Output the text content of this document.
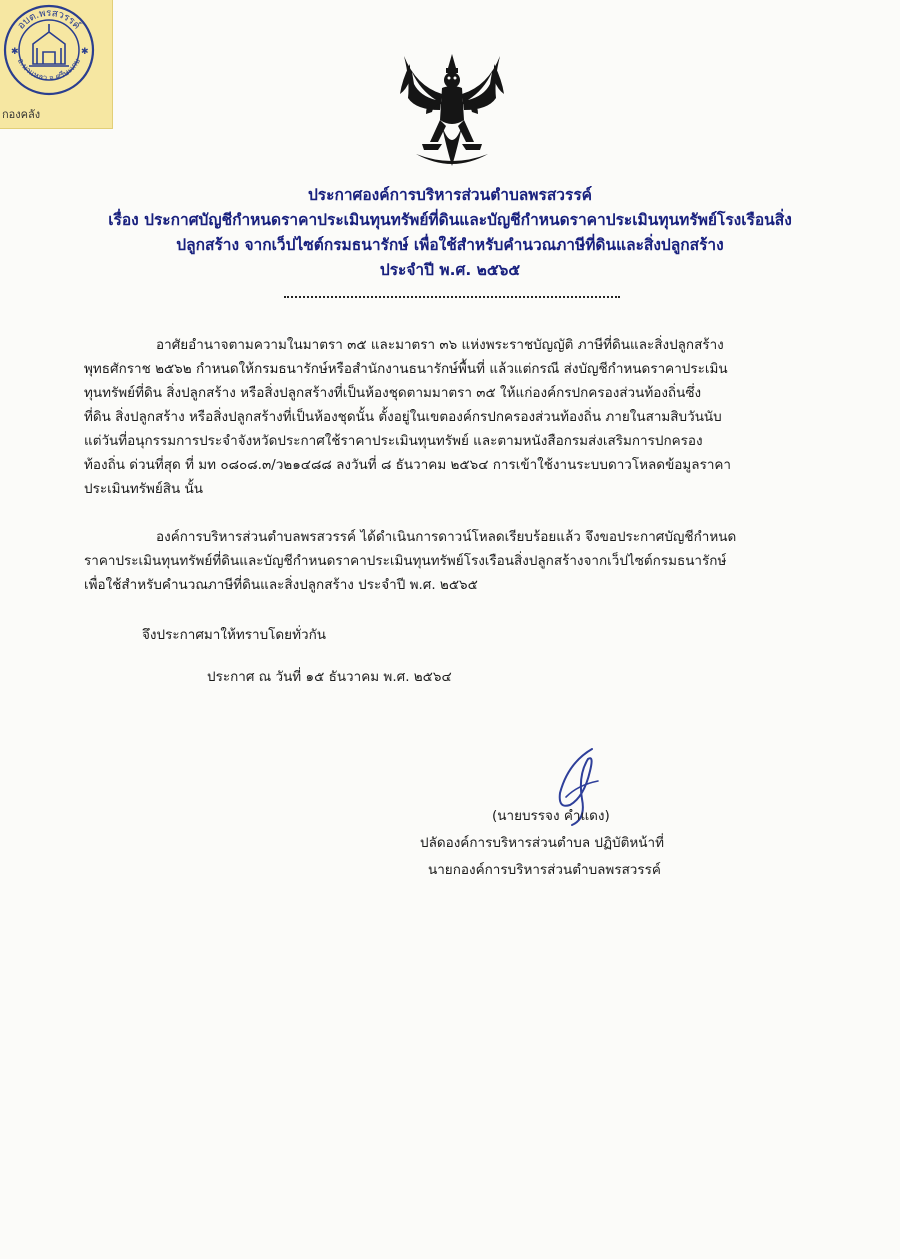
อบต.พรสวรรค์
อ.นาแหลว จ.ศรีษะเกษ
✱	✱
กองคลัง
ประกาศองค์การบริหารส่วนตำบลพรสวรรค์
เรื่อง ประกาศบัญชีกำหนดราคาประเมินทุนทรัพย์ที่ดินและบัญชีกำหนดราคาประเมินทุนทรัพย์โรงเรือนสิ่ง
ปลูกสร้าง จากเว็ปไซต์กรมธนารักษ์ เพื่อใช้สำหรับคำนวณภาษีที่ดินและสิ่งปลูกสร้าง
ประจำปี พ.ศ. ๒๕๖๕
อาศัยอำนาจตามความในมาตรา ๓๕ และมาตรา ๓๖ แห่งพระราชบัญญัติ ภาษีที่ดินและสิ่งปลูกสร้าง
พุทธศักราช ๒๕๖๒ กำหนดให้กรมธนารักษ์หรือสำนักงานธนารักษ์พื้นที่ แล้วแต่กรณี ส่งบัญชีกำหนดราคาประเมิน
ทุนทรัพย์ที่ดิน สิ่งปลูกสร้าง หรือสิ่งปลูกสร้างที่เป็นห้องชุดตามมาตรา ๓๕ ให้แก่องค์กรปกครองส่วนท้องถิ่นซึ่ง
ที่ดิน สิ่งปลูกสร้าง หรือสิ่งปลูกสร้างที่เป็นห้องชุดนั้น ตั้งอยู่ในเขตองค์กรปกครองส่วนท้องถิ่น ภายในสามสิบวันนับ
แต่วันที่อนุกรรมการประจำจังหวัดประกาศใช้ราคาประเมินทุนทรัพย์ และตามหนังสือกรมส่งเสริมการปกครอง
ท้องถิ่น ด่วนที่สุด ที่ มท ๐๘๐๘.๓/ว๒๑๔๘๘ ลงวันที่ ๘ ธันวาคม ๒๕๖๔ การเข้าใช้งานระบบดาวโหลดข้อมูลราคา
ประเมินทรัพย์สิน นั้น
องค์การบริหารส่วนตำบลพรสวรรค์ ได้ดำเนินการดาวน์โหลดเรียบร้อยแล้ว จึงขอประกาศบัญชีกำหนด
ราคาประเมินทุนทรัพย์ที่ดินและบัญชีกำหนดราคาประเมินทุนทรัพย์โรงเรือนสิ่งปลูกสร้างจากเว็ปไซต์กรมธนารักษ์
เพื่อใช้สำหรับคำนวณภาษีที่ดินและสิ่งปลูกสร้าง ประจำปี พ.ศ. ๒๕๖๕
จึงประกาศมาให้ทราบโดยทั่วกัน
ประกาศ ณ วันที่ ๑๕ ธันวาคม พ.ศ. ๒๕๖๔
(นายบรรจง คำแดง)
ปลัดองค์การบริหารส่วนตำบล ปฏิบัติหน้าที่
นายกองค์การบริหารส่วนตำบลพรสวรรค์
